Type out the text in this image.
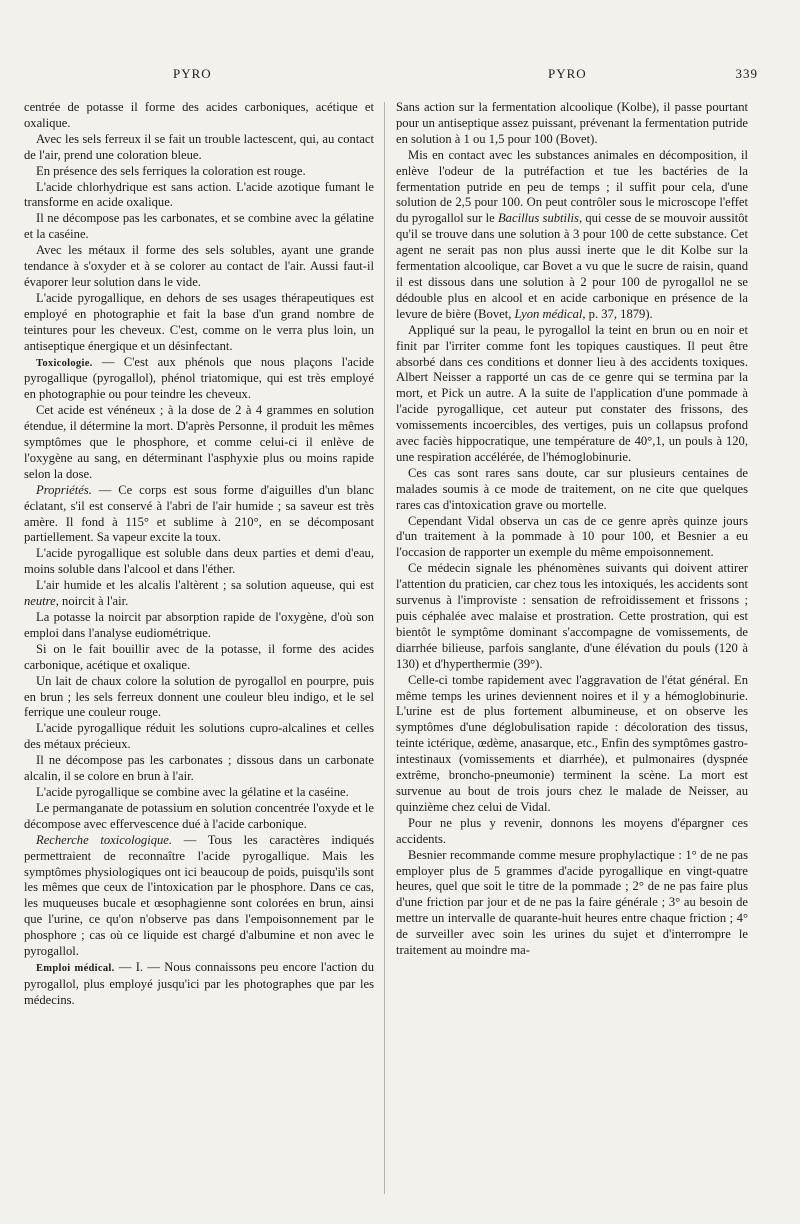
PYRO	PYRO	339

centrée de potasse il forme des acides carboniques, acétique et oxalique.

Avec les sels ferreux il se fait un trouble lactescent, qui, au contact de l'air, prend une coloration bleue.

En présence des sels ferriques la coloration est rouge.

L'acide chlorhydrique est sans action. L'acide azotique fumant le transforme en acide oxalique.

Il ne décompose pas les carbonates, et se combine avec la gélatine et la caséine.

Avec les métaux il forme des sels solubles, ayant une grande tendance à s'oxyder et à se colorer au contact de l'air. Aussi faut-il évaporer leur solution dans le vide.

L'acide pyrogallique, en dehors de ses usages thérapeutiques est employé en photographie et fait la base d'un grand nombre de teintures pour les cheveux. C'est, comme on le verra plus loin, un antiseptique énergique et un désinfectant.

Toxicologie. — C'est aux phénols que nous plaçons l'acide pyrogallique (pyrogallol), phénol triatomique, qui est très employé en photographie ou pour teindre les cheveux.

Cet acide est vénéneux ; à la dose de 2 à 4 grammes en solution étendue, il détermine la mort. D'après Personne, il produit les mêmes symptômes que le phosphore, et comme celui-ci il enlève de l'oxygène au sang, en déterminant l'asphyxie plus ou moins rapide selon la dose.

Propriétés. — Ce corps est sous forme d'aiguilles d'un blanc éclatant, s'il est conservé à l'abri de l'air humide ; sa saveur est très amère. Il fond à 115° et sublime à 210°, en se décomposant partiellement. Sa vapeur excite la toux.

L'acide pyrogallique est soluble dans deux parties et demi d'eau, moins soluble dans l'alcool et dans l'éther.

L'air humide et les alcalis l'altèrent ; sa solution aqueuse, qui est neutre, noircit à l'air.

La potasse la noircit par absorption rapide de l'oxygène, d'où son emploi dans l'analyse eudiométrique.

Si on le fait bouillir avec de la potasse, il forme des acides carbonique, acétique et oxalique.

Un lait de chaux colore la solution de pyrogallol en pourpre, puis en brun ; les sels ferreux donnent une couleur bleu indigo, et le sel ferrique une couleur rouge.

L'acide pyrogallique réduit les solutions cupro-alcalines et celles des métaux précieux.

Il ne décompose pas les carbonates ; dissous dans un carbonate alcalin, il se colore en brun à l'air.

L'acide pyrogallique se combine avec la gélatine et la caséine.

Le permanganate de potassium en solution concentrée l'oxyde et le décompose avec effervescence dué à l'acide carbonique.

Recherche toxicologique. — Tous les caractères indiqués permettraient de reconnaître l'acide pyrogallique. Mais les symptômes physiologiques ont ici beaucoup de poids, puisqu'ils sont les mêmes que ceux de l'intoxication par le phosphore. Dans ce cas, les muqueuses bucale et œsophagienne sont colorées en brun, ainsi que l'urine, ce qu'on n'observe pas dans l'empoisonnement par le phosphore ; cas où ce liquide est chargé d'albumine et non avec le pyrogallol.

Emploi médical. — I. — Nous connaissons peu encore l'action du pyrogallol, plus employé jusqu'ici par les photographes que par les médecins.

Sans action sur la fermentation alcoolique (Kolbe), il passe pourtant pour un antiseptique assez puissant, prévenant la fermentation putride en solution à 1 ou 1,5 pour 100 (Bovet).

Mis en contact avec les substances animales en décomposition, il enlève l'odeur de la putréfaction et tue les bactéries de la fermentation putride en peu de temps ; il suffit pour cela, d'une solution de 2,5 pour 100. On peut contrôler sous le microscope l'effet du pyrogallol sur le Bacillus subtilis, qui cesse de se mouvoir aussitôt qu'il se trouve dans une solution à 3 pour 100 de cette substance. Cet agent ne serait pas non plus aussi inerte que le dit Kolbe sur la fermentation alcoolique, car Bovet a vu que le sucre de raisin, quand il est dissous dans une solution à 2 pour 100 de pyrogallol ne se dédouble plus en alcool et en acide carbonique en présence de la levure de bière (Bovet, Lyon médical, p. 37, 1879).

Appliqué sur la peau, le pyrogallol la teint en brun ou en noir et finit par l'irriter comme font les topiques caustiques. Il peut être absorbé dans ces conditions et donner lieu à des accidents toxiques. Albert Neisser a rapporté un cas de ce genre qui se termina par la mort, et Pick un autre. A la suite de l'application d'une pommade à l'acide pyrogallique, cet auteur put constater des frissons, des vomissements incoercibles, des vertiges, puis un collapsus profond avec faciès hippocratique, une température de 40°,1, un pouls à 120, une respiration accélérée, de l'hémoglobinurie.

Ces cas sont rares sans doute, car sur plusieurs centaines de malades soumis à ce mode de traitement, on ne cite que quelques rares cas d'intoxication grave ou mortelle.

Cependant Vidal observa un cas de ce genre après quinze jours d'un traitement à la pommade à 10 pour 100, et Besnier a eu l'occasion de rapporter un exemple du même empoisonnement.

Ce médecin signale les phénomènes suivants qui doivent attirer l'attention du praticien, car chez tous les intoxiqués, les accidents sont survenus à l'improviste : sensation de refroidissement et frissons ; puis céphalée avec malaise et prostration. Cette prostration, qui est bientôt le symptôme dominant s'accompagne de vomissements, de diarrhée bilieuse, parfois sanglante, d'une élévation du pouls (120 à 130) et d'hyperthermie (39°).

Celle-ci tombe rapidement avec l'aggravation de l'état général. En même temps les urines deviennent noires et il y a hémoglobinurie. L'urine est de plus fortement albumineuse, et on observe les symptômes d'une déglobulisation rapide : décoloration des tissus, teinte ictérique, œdème, anasarque, etc., Enfin des symptômes gastro-intestinaux (vomissements et diarrhée), et pulmonaires (dyspnée extrême, broncho-pneumonie) terminent la scène. La mort est survenue au bout de trois jours chez le malade de Neisser, au quinzième chez celui de Vidal.

Pour ne plus y revenir, donnons les moyens d'épargner ces accidents.

Besnier recommande comme mesure prophylactique : 1° de ne pas employer plus de 5 grammes d'acide pyrogallique en vingt-quatre heures, quel que soit le titre de la pommade ; 2° de ne pas faire plus d'une friction par jour et de ne pas la faire générale ; 3° au besoin de mettre un intervalle de quarante-huit heures entre chaque friction ; 4° de surveiller avec soin les urines du sujet et d'interrompre le traitement au moindre ma-
